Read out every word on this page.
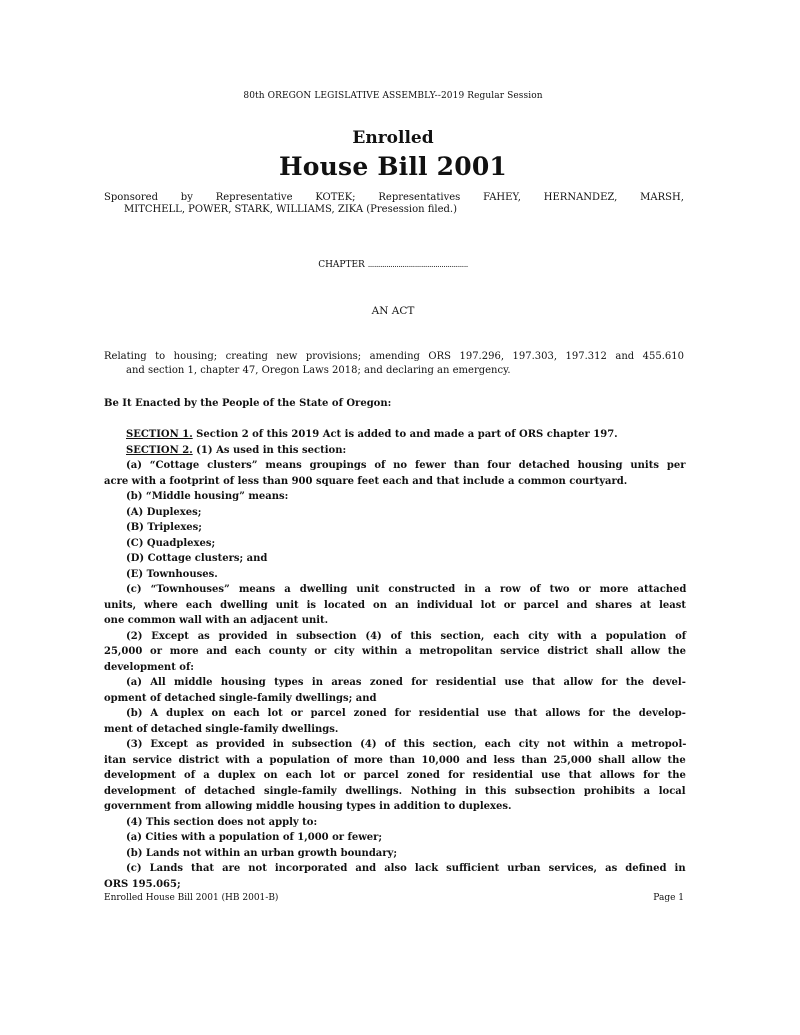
80th OREGON LEGISLATIVE ASSEMBLY--2019 Regular Session
Enrolled
House Bill 2001
Sponsored by Representative KOTEK; Representatives FAHEY, HERNANDEZ, MARSH,
MITCHELL, POWER, STARK, WILLIAMS, ZIKA (Presession filed.)
CHAPTER .................................................
AN ACT
Relating to housing; creating new provisions; amending ORS 197.296, 197.303, 197.312 and 455.610
and section 1, chapter 47, Oregon Laws 2018; and declaring an emergency.
Be It Enacted by the People of the State of Oregon:
SECTION 1. Section 2 of this 2019 Act is added to and made a part of ORS chapter 197.
SECTION 2. (1) As used in this section:
(a) “Cottage clusters” means groupings of no fewer than four detached housing units per
acre with a footprint of less than 900 square feet each and that include a common courtyard.
(b) “Middle housing” means:
(A) Duplexes;
(B) Triplexes;
(C) Quadplexes;
(D) Cottage clusters; and
(E) Townhouses.
(c) “Townhouses” means a dwelling unit constructed in a row of two or more attached
units, where each dwelling unit is located on an individual lot or parcel and shares at least
one common wall with an adjacent unit.
(2) Except as provided in subsection (4) of this section, each city with a population of
25,000 or more and each county or city within a metropolitan service district shall allow the
development of:
(a) All middle housing types in areas zoned for residential use that allow for the devel-
opment of detached single-family dwellings; and
(b) A duplex on each lot or parcel zoned for residential use that allows for the develop-
ment of detached single-family dwellings.
(3) Except as provided in subsection (4) of this section, each city not within a metropol-
itan service district with a population of more than 10,000 and less than 25,000 shall allow the
development of a duplex on each lot or parcel zoned for residential use that allows for the
development of detached single-family dwellings. Nothing in this subsection prohibits a local
government from allowing middle housing types in addition to duplexes.
(4) This section does not apply to:
(a) Cities with a population of 1,000 or fewer;
(b) Lands not within an urban growth boundary;
(c) Lands that are not incorporated and also lack sufficient urban services, as defined in
ORS 195.065;
Enrolled House Bill 2001 (HB 2001-B)	Page 1
